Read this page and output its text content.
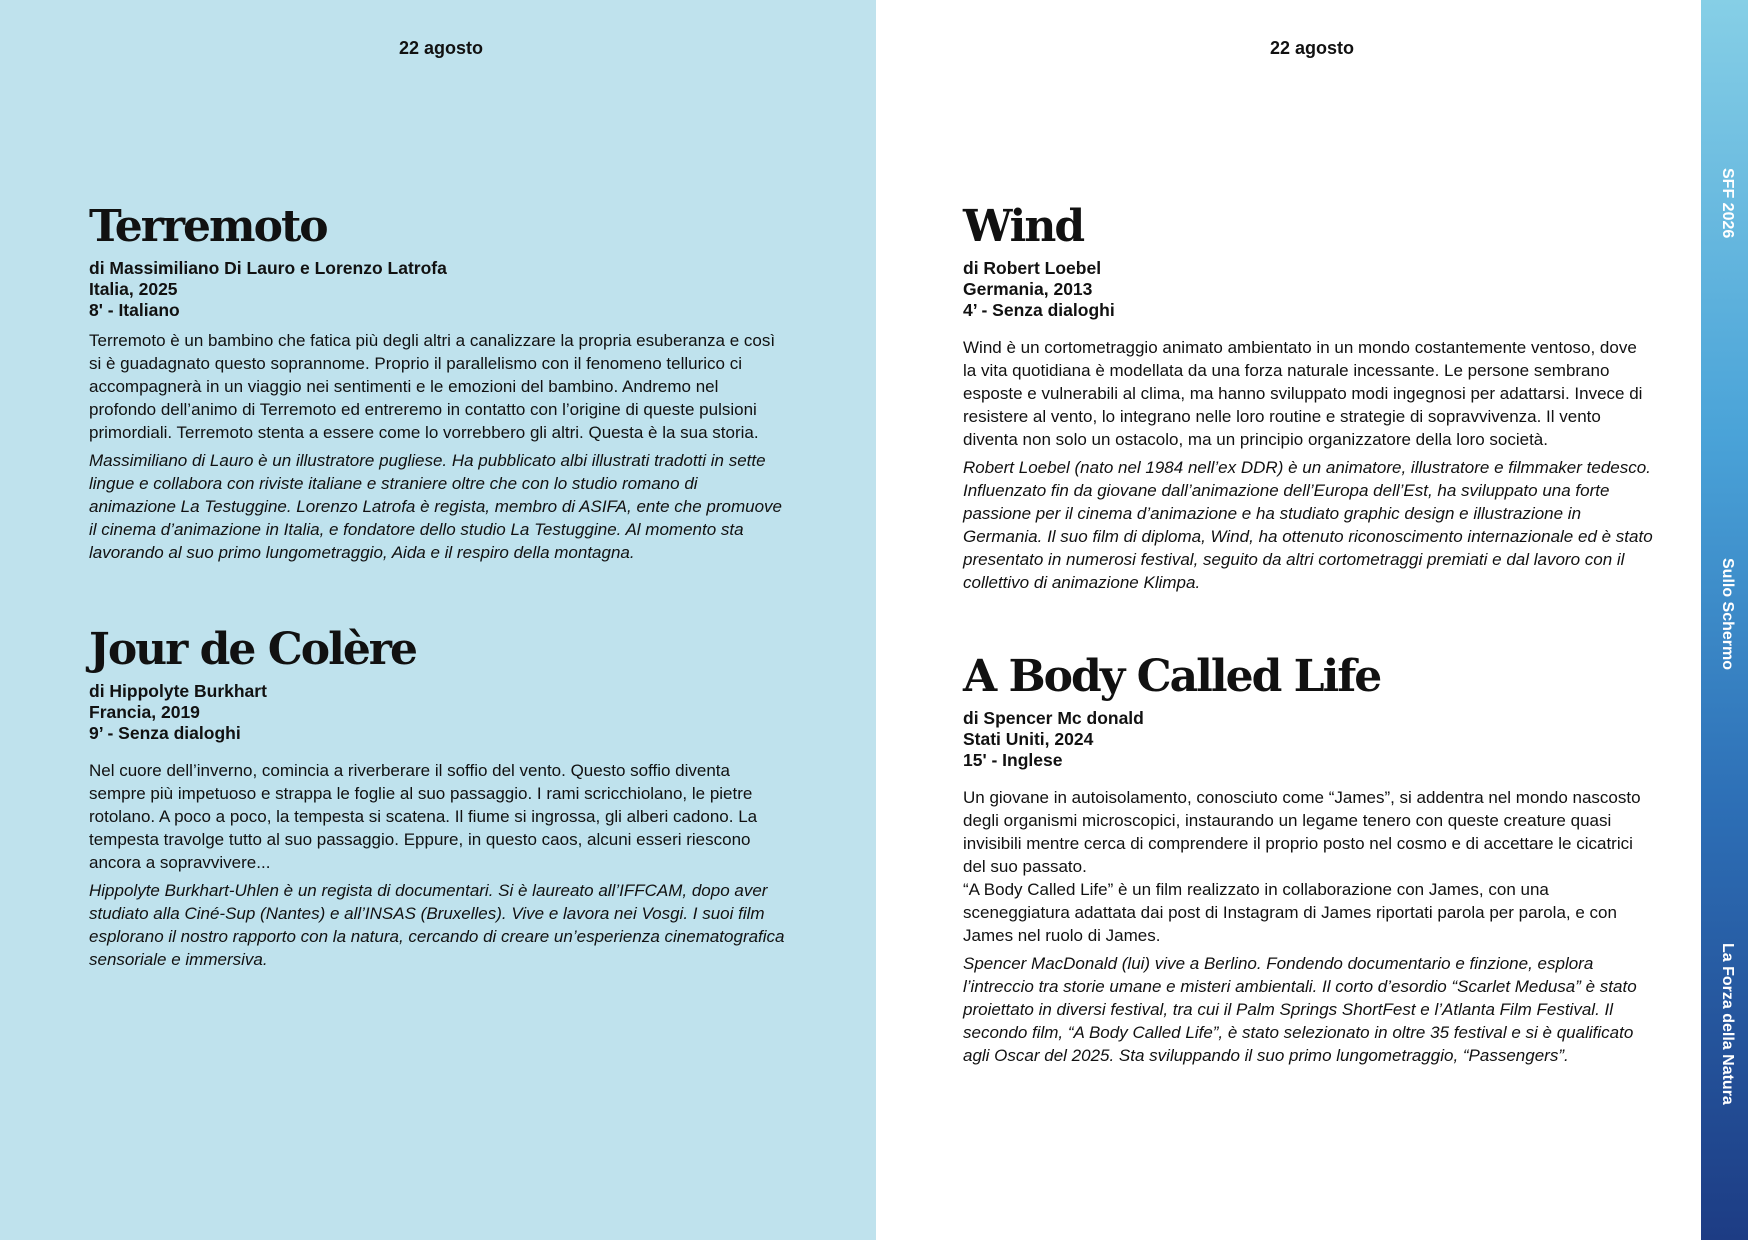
22 agosto	22 agosto
Terremoto
di Massimiliano Di Lauro e Lorenzo Latrofa
Italia, 2025
8' - Italiano
Terremoto è un bambino che fatica più degli altri a canalizzare la propria esuberanza e così si è guadagnato questo soprannome. Proprio il parallelismo con il fenomeno tellurico ci accompagnerà in un viaggio nei sentimenti e le emozioni del bambino. Andremo nel profondo dell’animo di Terremoto ed entreremo in contatto con l’origine di queste pulsioni primordiali. Terremoto stenta a essere come lo vorrebbero gli altri. Questa è la sua storia.
Massimiliano di Lauro è un illustratore pugliese. Ha pubblicato albi illustrati tradotti in sette lingue e collabora con riviste italiane e straniere oltre che con lo studio romano di animazione La Testuggine. Lorenzo Latrofa è regista, membro di ASIFA, ente che promuove il cinema d’animazione in Italia, e fondatore dello studio La Testuggine. Al momento sta lavorando al suo primo lungometraggio, Aida e il respiro della montagna.
Jour de Colère
di Hippolyte Burkhart
Francia, 2019
9’ - Senza dialoghi
Nel cuore dell’inverno, comincia a riverberare il soffio del vento. Questo soffio diventa sempre più impetuoso e strappa le foglie al suo passaggio. I rami scricchiolano, le pietre rotolano. A poco a poco, la tempesta si scatena. Il fiume si ingrossa, gli alberi cadono. La tempesta travolge tutto al suo passaggio. Eppure, in questo caos, alcuni esseri riescono ancora a sopravvivere...
Hippolyte Burkhart-Uhlen è un regista di documentari. Si è laureato all’IFFCAM, dopo aver studiato alla Ciné-Sup (Nantes) e all’INSAS (Bruxelles). Vive e lavora nei Vosgi. I suoi film esplorano il nostro rapporto con la natura, cercando di creare un’esperienza cinematografica sensoriale e immersiva.
Wind
di Robert Loebel
Germania, 2013
4’ - Senza dialoghi
Wind è un cortometraggio animato ambientato in un mondo costantemente ventoso, dove la vita quotidiana è modellata da una forza naturale incessante. Le persone sembrano esposte e vulnerabili al clima, ma hanno sviluppato modi ingegnosi per adattarsi. Invece di resistere al vento, lo integrano nelle loro routine e strategie di sopravvivenza. Il vento diventa non solo un ostacolo, ma un principio organizzatore della loro società.
Robert Loebel (nato nel 1984 nell’ex DDR) è un animatore, illustratore e filmmaker tedesco. Influenzato fin da giovane dall’animazione dell’Europa dell’Est, ha sviluppato una forte passione per il cinema d’animazione e ha studiato graphic design e illustrazione in Germania. Il suo film di diploma, Wind, ha ottenuto riconoscimento internazionale ed è stato presentato in numerosi festival, seguito da altri cortometraggi premiati e dal lavoro con il collettivo di animazione Klimpa.
A Body Called Life
di Spencer Mc donald
Stati Uniti, 2024
15' - Inglese
Un giovane in autoisolamento, conosciuto come “James”, si addentra nel mondo nascosto degli organismi microscopici, instaurando un legame tenero con queste creature quasi invisibili mentre cerca di comprendere il proprio posto nel cosmo e di accettare le cicatrici del suo passato.
“A Body Called Life” è un film realizzato in collaborazione con James, con una sceneggiatura adattata dai post di Instagram di James riportati parola per parola, e con James nel ruolo di James.
Spencer MacDonald (lui) vive a Berlino. Fondendo documentario e finzione, esplora l’intreccio tra storie umane e misteri ambientali. Il corto d’esordio “Scarlet Medusa” è stato proiettato in diversi festival, tra cui il Palm Springs ShortFest e l’Atlanta Film Festival. Il secondo film, “A Body Called Life”, è stato selezionato in oltre 35 festival e si è qualificato agli Oscar del 2025. Sta sviluppando il suo primo lungometraggio, “Passengers”.
SFF 2026
Sullo Schermo
La Forza della Natura
